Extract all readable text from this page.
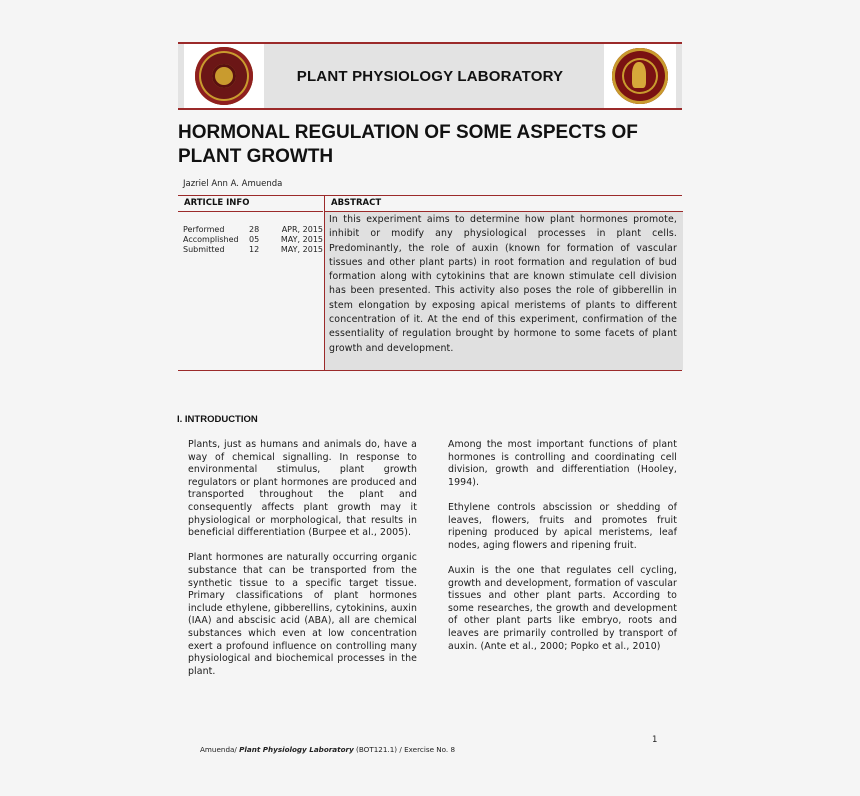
PLANT PHYSIOLOGY LABORATORY
HORMONAL REGULATION OF SOME ASPECTS OF
PLANT GROWTH
Jazriel Ann A. Amuenda
ARTICLE INFO
Performed	28	APR, 2015
Accomplished	05	MAY, 2015
Submitted	12	MAY, 2015
ABSTRACT
In this experiment aims to determine how plant hormones promote, inhibit or modify any physiological processes in plant cells. Predominantly, the role of auxin (known for formation of vascular tissues and other plant parts) in root formation and regulation of bud formation along with cytokinins that are known stimulate cell division has been presented. This activity also poses the role of gibberellin in stem elongation by exposing apical meristems of plants to different concentration of it. At the end of this experiment, confirmation of the essentiality of regulation brought by hormone to some facets of plant growth and development.
I. INTRODUCTION

Plants, just as humans and animals do, have a way of chemical signalling. In response to environmental stimulus, plant growth regulators or plant hormones are produced and transported throughout the plant and consequently affects plant growth may it physiological or morphological, that results in beneficial differentiation (Burpee et al., 2005).

Plant hormones are naturally occurring organic substance that can be transported from the synthetic tissue to a specific target tissue. Primary classifications of plant hormones include ethylene, gibberellins, cytokinins, auxin (IAA) and abscisic acid (ABA), all are chemical substances which even at low concentration exert a profound influence on controlling many physiological and biochemical processes in the plant.

Among the most important functions of plant hormones is controlling and coordinating cell division, growth and differentiation (Hooley, 1994).

Ethylene controls abscission or shedding of leaves, flowers, fruits and promotes fruit ripening produced by apical meristems, leaf nodes, aging flowers and ripening fruit.

Auxin is the one that regulates cell cycling, growth and development, formation of vascular tissues and other plant parts. According to some researches, the growth and development of other plant parts like embryo, roots and leaves are primarily controlled by transport of auxin. (Ante et al., 2000; Popko et al., 2010)

1
Amuenda/ Plant Physiology Laboratory (BOT121.1) / Exercise No. 8
